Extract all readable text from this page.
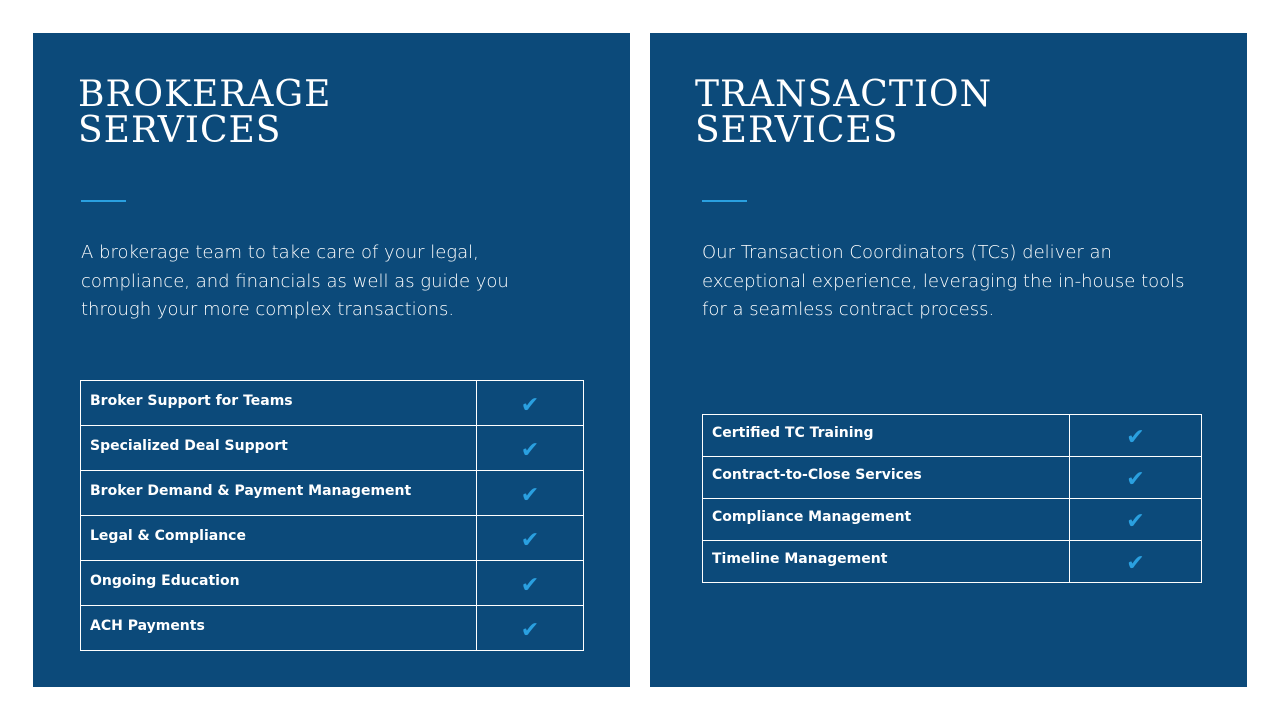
BROKERAGE
SERVICES

A brokerage team to take care of your legal, compliance, and financials as well as guide you through your more complex transactions.

Broker Support for Teams	✔
Specialized Deal Support	✔
Broker Demand & Payment Management	✔
Legal & Compliance	✔
Ongoing Education	✔
ACH Payments	✔
TRANSACTION
SERVICES

Our Transaction Coordinators (TCs) deliver an exceptional experience, leveraging the in-house tools for a seamless contract process.

Certified TC Training	✔
Contract-to-Close Services	✔
Compliance Management	✔
Timeline Management	✔
